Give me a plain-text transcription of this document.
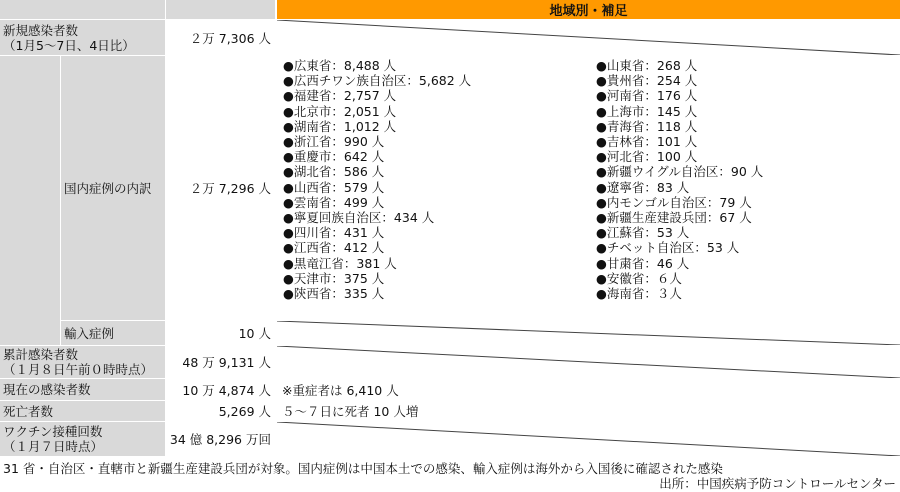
地域別・補足
新規感染者数
（1月5〜7日、4日比）	２万 7,306 人
国内症例の内訳	２万 7,296 人
●広東省：8,488 人
●広西チワン族自治区：5,682 人
●福建省：2,757 人
●北京市：2,051 人
●湖南省：1,012 人
●浙江省：990 人
●重慶市：642 人
●湖北省：586 人
●山西省：579 人
●雲南省：499 人
●寧夏回族自治区：434 人
●四川省：431 人
●江西省：412 人
●黒竜江省：381 人
●天津市：375 人
●陝西省：335 人
●山東省：268 人
●貴州省：254 人
●河南省：176 人
●上海市：145 人
●青海省：118 人
●吉林省：101 人
●河北省：100 人
●新疆ウイグル自治区：90 人
●遼寧省：83 人
●内モンゴル自治区：79 人
●新疆生産建設兵団：67 人
●江蘇省：53 人
●チベット自治区：53 人
●甘粛省：46 人
●安徽省：６人
●海南省：３人
輸入症例	10 人
累計感染者数
（１月８日午前０時時点）	48 万 9,131 人
現在の感染者数	10 万 4,874 人 ※重症者は 6,410 人
死亡者数	5,269 人 ５〜７日に死者 10 人増
ワクチン接種回数
（１月７日時点）	34 億 8,296 万回
31 省・自治区・直轄市と新疆生産建設兵団が対象。国内症例は中国本土での感染、輸入症例は海外から入国後に確認された感染
出所：中国疾病予防コントロールセンター
